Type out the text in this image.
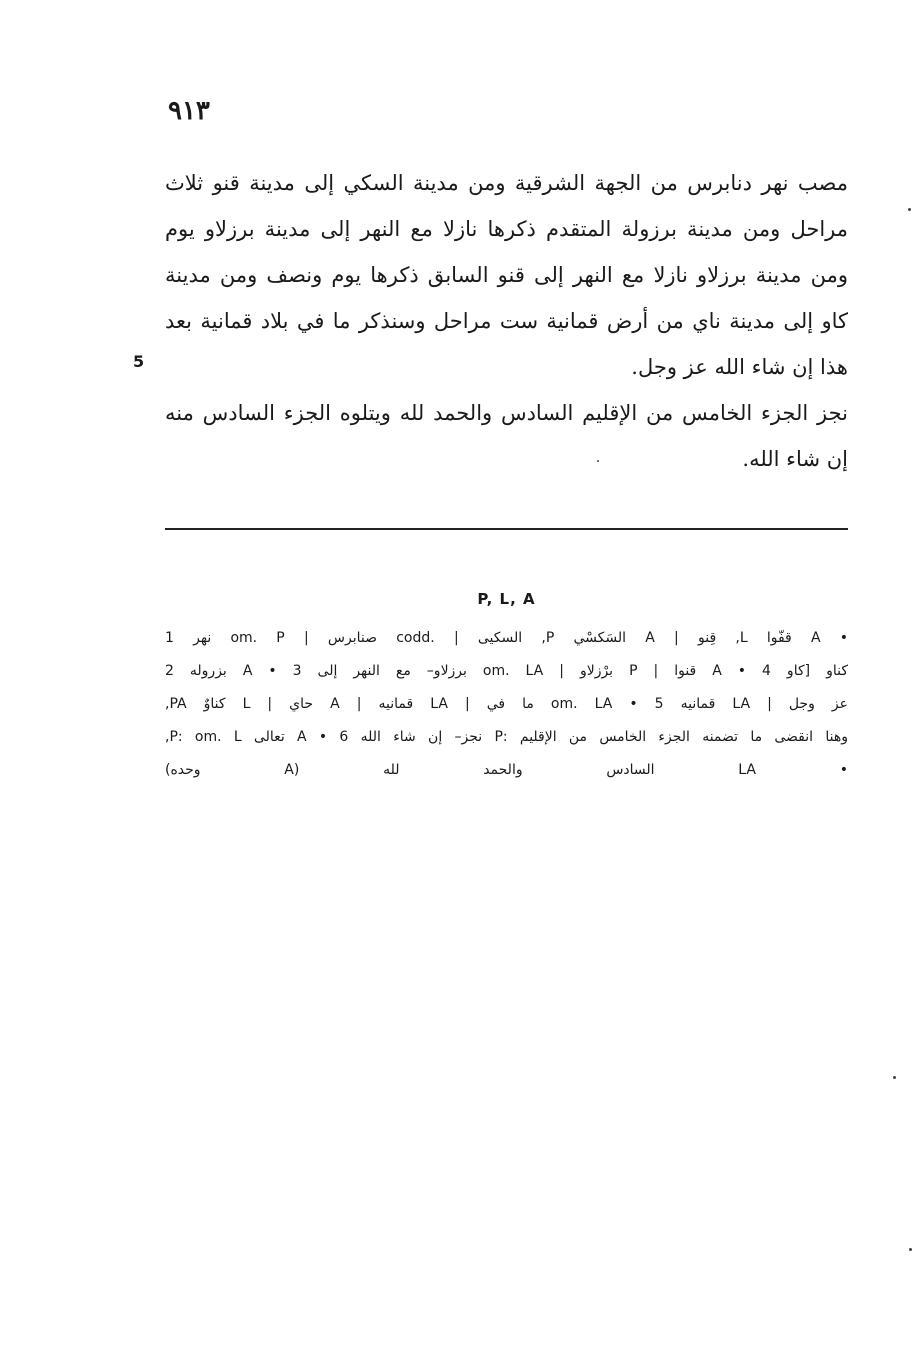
٩١٣

مصب نهر دنابرس من الجهة الشرقية ومن مدينة السكي إلى مدينة قنو ثلاث مراحل ومن مدينة برزولة المتقدم ذكرها نازلا مع النهر إلى مدينة برزلاو يوم ومن مدينة برزلاو نازلا مع النهر إلى قنو السابق ذكرها يوم ونصف ومن مدينة كاو إلى مدينة ناي من أرض قمانية ست مراحل وسنذكر ما في بلاد قمانية بعد هذا إن شاء الله عز وجل.

نجز الجزء الخامس من الإقليم السادس والحمد لله ويتلوه الجزء السادس منه إن شاء الله.

5
P, L, A
• A قفّوا L, قِنو | A السَكسْي P, السكيى | .codd صنابرس | om. P نهر 1
كناو [كاو 4 • A قنوا | P برْزلاو | om. LA برزلاو– مع النهر إلى 3 • A بزروله 2
عز وجل | LA قمانيه 5 • om. LA ما في | LA قمانيه | A حاي | L كناوٌ PA,
وهنا انقضى ما تضمنه الجزء الخامس من الإقليم :P نجز– إن شاء الله 6 • A تعالى P: om. L,
• LA السادس والحمد لله (A وحده)
